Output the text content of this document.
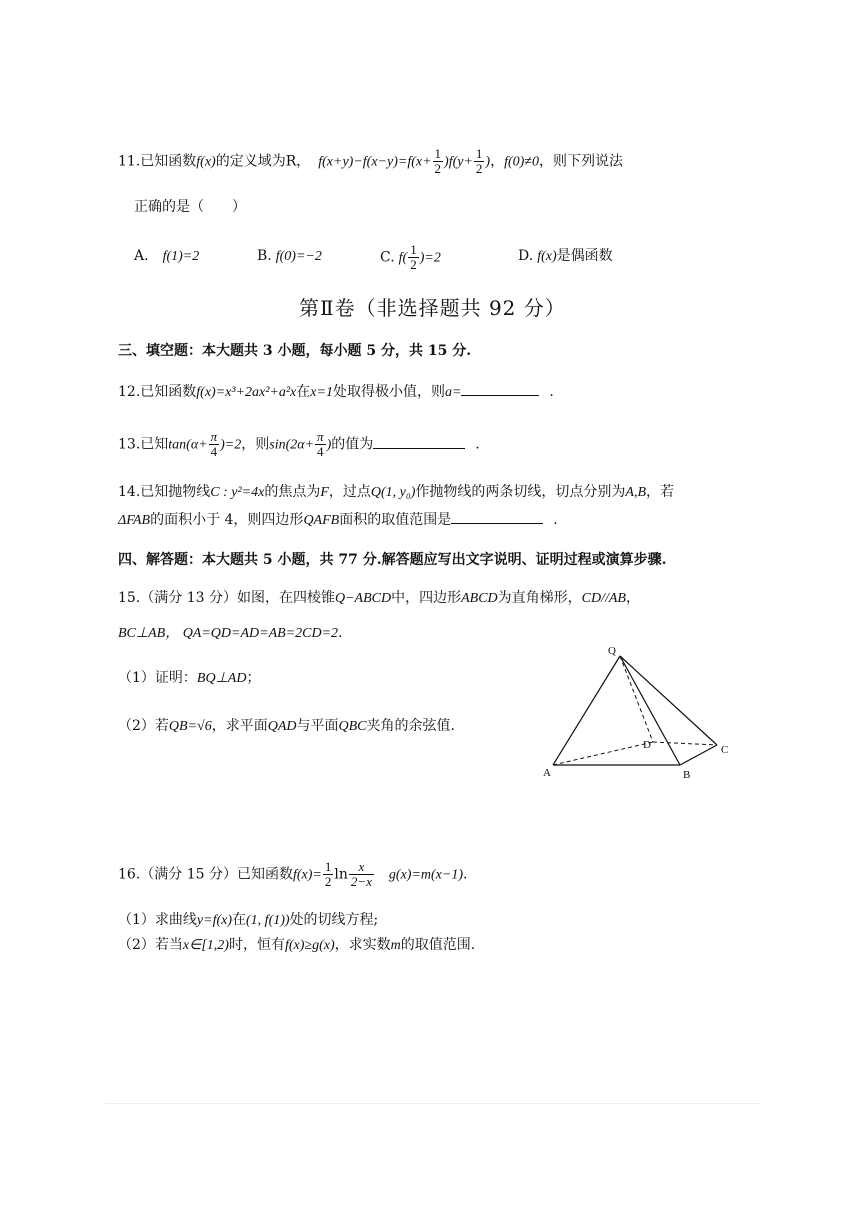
11.已知函数f(x)的定义域为R， $f(x+y)-f(x-y)=f(x+ \frac{1}{2} )f(y+ \frac{1}{2}$ )，f(0)≠0，则下列说法
正确的是（　　）
A. f(1)=2	B. f(0)=−2	C. $f( \frac{1}{2} )=2$	D. f(x)是偶函数
第Ⅱ卷（非选择题共 92 分）
三、填空题：本大题共 3 小题，每小题 5 分，共 15 分.
12.已知函数f(x)=x³+2ax²+a²x在x=1处取得极小值，则a=	.
13.已知$\tan(\alpha+ \frac{\pi}{4} )=2$，则$\sin(2\alpha+ \frac{\pi}{4}$ )的值为	.
14.已知抛物线C : y²=4x的焦点为F，过点Q(1, y₀)作抛物线的两条切线，切点分别为A,B，若
ΔFAB的面积小于 4，则四边形QAFB面积的取值范围是	.
四、解答题：本大题共 5 小题，共 77 分.解答题应写出文字说明、证明过程或演算步骤.
15.（满分 13 分）如图，在四棱锥Q−ABCD中，四边形ABCD为直角梯形，CD//AB，
BC⊥AB， QA=QD=AD=AB=2CD=2.
（1）证明：BQ⊥AD；
（2）若QB=√6，求平面QAD与平面QBC夹角的余弦值.
Q
A	B
C
D
16.（满分 15 分）已知函数$f(x)= \frac{1}{2}$ $\ln \frac{x}{2-x} g(x)=m(x-1)$.
（1）求曲线y=f(x)在(1, f(1))处的切线方程;
（2）若当x∈[1,2)时，恒有f(x)≥g(x)，求实数m的取值范围.
